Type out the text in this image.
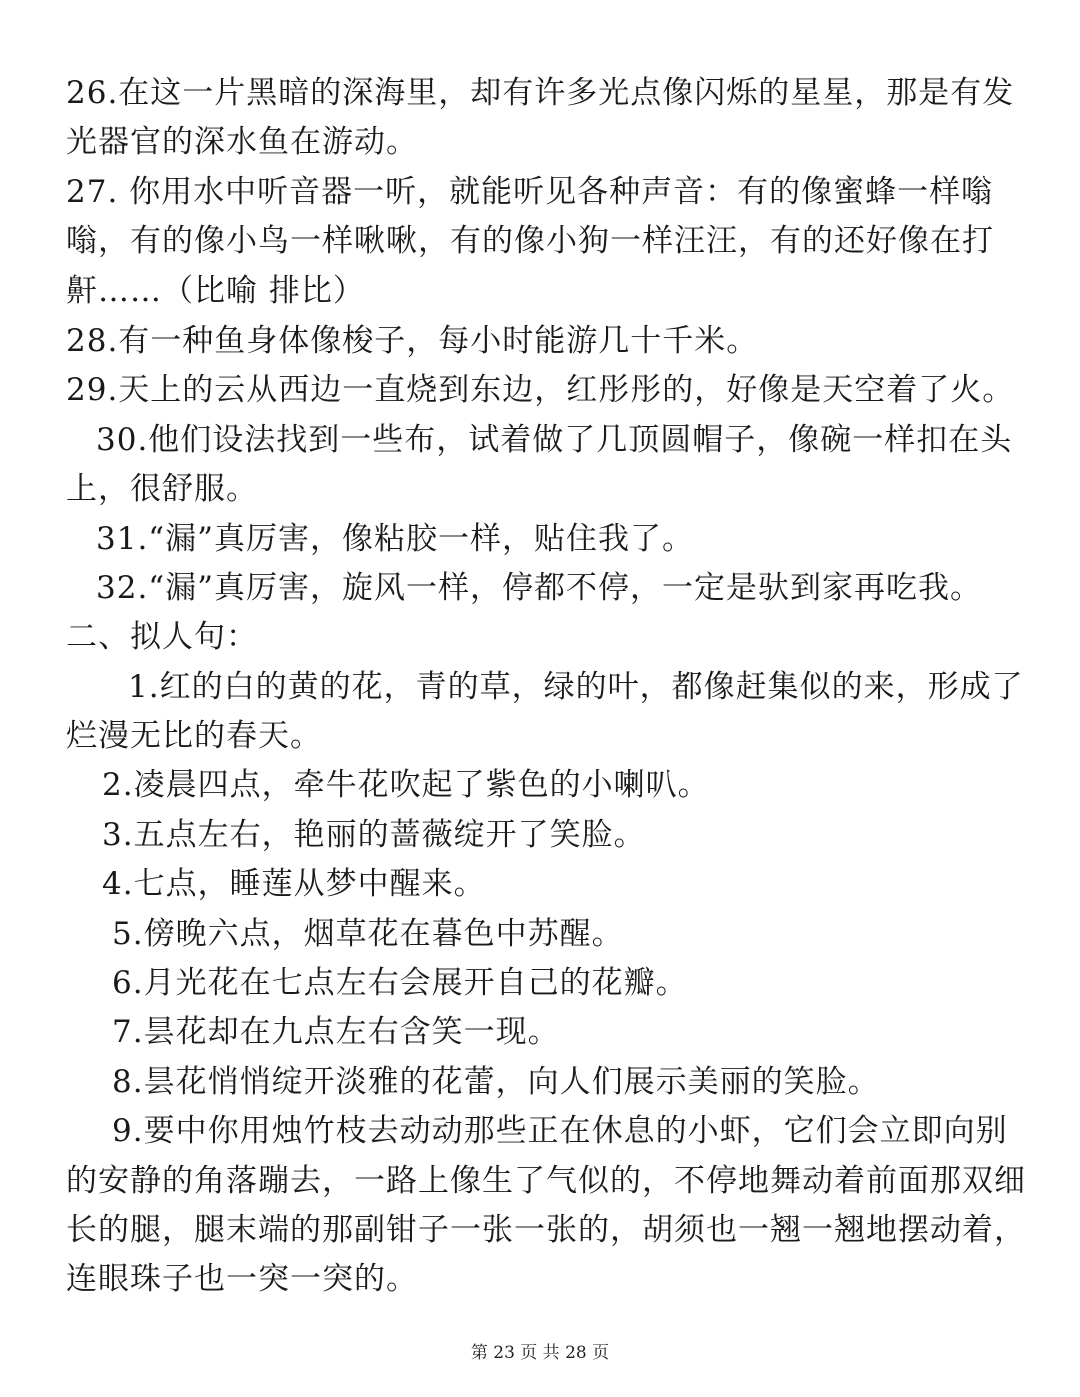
26.在这一片黑暗的深海里，却有许多光点像闪烁的星星，那是有发
光器官的深水鱼在游动。
27. 你用水中听音器一听，就能听见各种声音：有的像蜜蜂一样嗡
嗡，有的像小鸟一样啾啾，有的像小狗一样汪汪，有的还好像在打
鼾……（比喻 排比）
28.有一种鱼身体像梭子，每小时能游几十千米。
29.天上的云从西边一直烧到东边，红彤彤的，好像是天空着了火。
30.他们设法找到一些布，试着做了几顶圆帽子，像碗一样扣在头
上，很舒服。
31.“漏”真厉害，像粘胶一样，贴住我了。
32.“漏”真厉害，旋风一样，停都不停，一定是驮到家再吃我。
二、拟人句：
1.红的白的黄的花，青的草，绿的叶，都像赶集似的来，形成了
烂漫无比的春天。
2.凌晨四点，牵牛花吹起了紫色的小喇叭。
3.五点左右，艳丽的蔷薇绽开了笑脸。
4.七点，睡莲从梦中醒来。
5.傍晚六点，烟草花在暮色中苏醒。
6.月光花在七点左右会展开自己的花瓣。
7.昙花却在九点左右含笑一现。
8.昙花悄悄绽开淡雅的花蕾，向人们展示美丽的笑脸。
9.要中你用烛竹枝去动动那些正在休息的小虾，它们会立即向别
的安静的角落蹦去，一路上像生了气似的，不停地舞动着前面那双细
长的腿，腿末端的那副钳子一张一张的，胡须也一翘一翘地摆动着，
连眼珠子也一突一突的。
第 23 页 共 28 页
